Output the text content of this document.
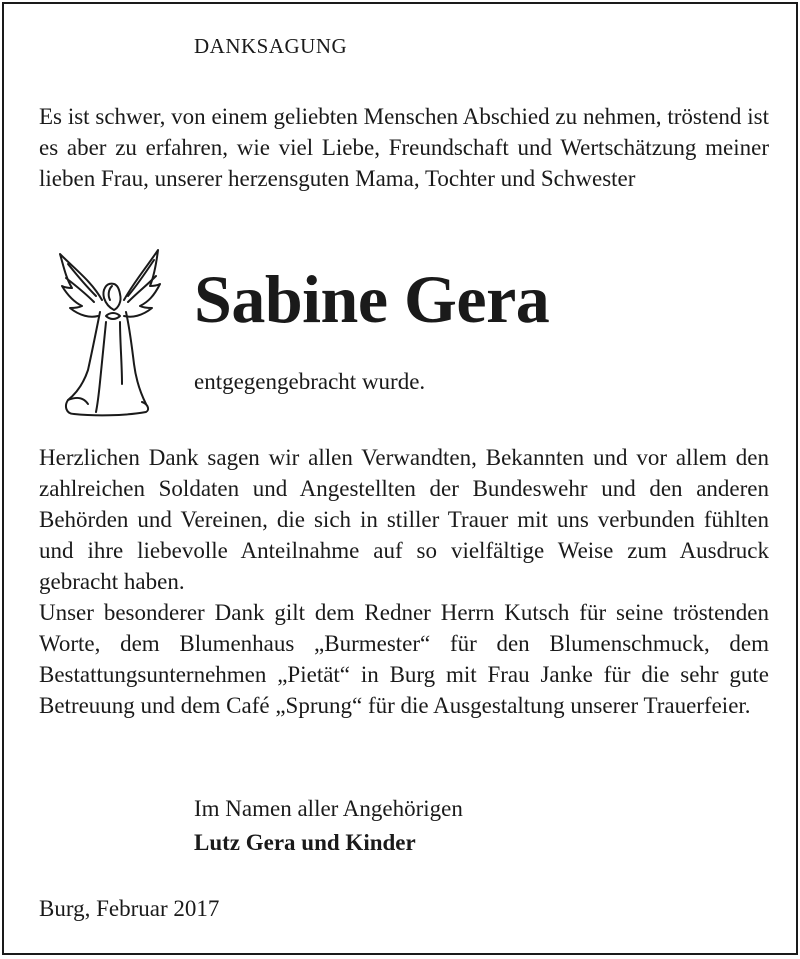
DANKSAGUNG

Es ist schwer, von einem geliebten Menschen Abschied zu nehmen, tröstend ist es aber zu erfahren, wie viel Liebe, Freundschaft und Wertschätzung meiner lieben Frau, unserer herzensguten Mama, Tochter und Schwester

Sabine Gera
entgegengebracht wurde.

Herzlichen Dank sagen wir allen Verwandten, Bekannten und vor allem den zahlreichen Soldaten und Angestellten der Bundeswehr und den anderen Behörden und Vereinen, die sich in stiller Trauer mit uns verbunden fühlten und ihre liebevolle Anteilnahme auf so vielfältige Weise zum Ausdruck gebracht haben.

Unser besonderer Dank gilt dem Redner Herrn Kutsch für seine tröstenden Worte, dem Blumenhaus „Burmester“ für den Blumenschmuck, dem Bestattungsunternehmen „Pietät“ in Burg mit Frau Janke für die sehr gute Betreuung und dem Café „Sprung“ für die Ausgestaltung unserer Trauerfeier.

Im Namen aller Angehörigen
Lutz Gera und Kinder
Burg, Februar 2017
